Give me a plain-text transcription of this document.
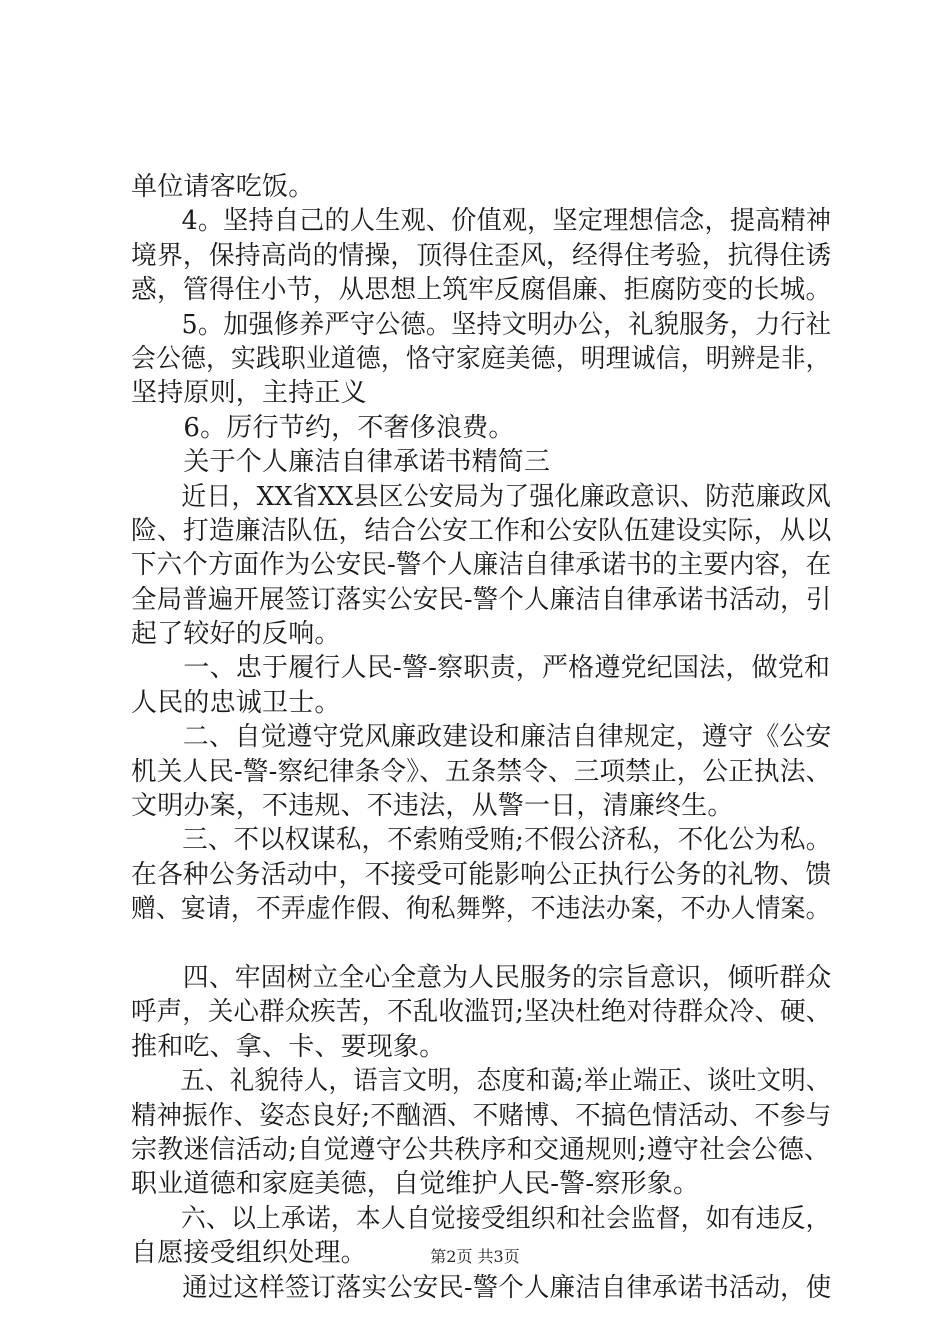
单位请客吃饭。
　　4。坚持自己的人生观、价值观，坚定理想信念，提高精神
境界，保持高尚的情操，顶得住歪风，经得住考验，抗得住诱
惑，管得住小节，从思想上筑牢反腐倡廉、拒腐防变的长城。
　　5。加强修养严守公德。坚持文明办公，礼貌服务，力行社
会公德，实践职业道德，恪守家庭美德，明理诚信，明辨是非，
坚持原则，主持正义
　　6。厉行节约，不奢侈浪费。
　　关于个人廉洁自律承诺书精简三
　　近日，XX省XX县区公安局为了强化廉政意识、防范廉政风
险、打造廉洁队伍，结合公安工作和公安队伍建设实际，从以
下六个方面作为公安民-警个人廉洁自律承诺书的主要内容，在
全局普遍开展签订落实公安民-警个人廉洁自律承诺书活动，引
起了较好的反响。
　　一、忠于履行人民-警-察职责，严格遵党纪国法，做党和
人民的忠诚卫士。
　　二、自觉遵守党风廉政建设和廉洁自律规定，遵守《公安
机关人民-警-察纪律条令》、五条禁令、三项禁止，公正执法、
文明办案，不违规、不违法，从警一日，清廉终生。
　　三、不以权谋私，不索贿受贿;不假公济私，不化公为私。
在各种公务活动中，不接受可能影响公正执行公务的礼物、馈
赠、宴请，不弄虚作假、徇私舞弊，不违法办案，不办人情案。
　　四、牢固树立全心全意为人民服务的宗旨意识，倾听群众
呼声，关心群众疾苦，不乱收滥罚;坚决杜绝对待群众冷、硬、
推和吃、拿、卡、要现象。
　　五、礼貌待人，语言文明，态度和蔼;举止端正、谈吐文明、
精神振作、姿态良好;不酗酒、不赌博、不搞色情活动、不参与
宗教迷信活动;自觉遵守公共秩序和交通规则;遵守社会公德、
职业道德和家庭美德，自觉维护人民-警-察形象。
　　六、以上承诺，本人自觉接受组织和社会监督，如有违反，
自愿接受组织处理。
　　通过这样签订落实公安民-警个人廉洁自律承诺书活动，使
第2页 共3页
